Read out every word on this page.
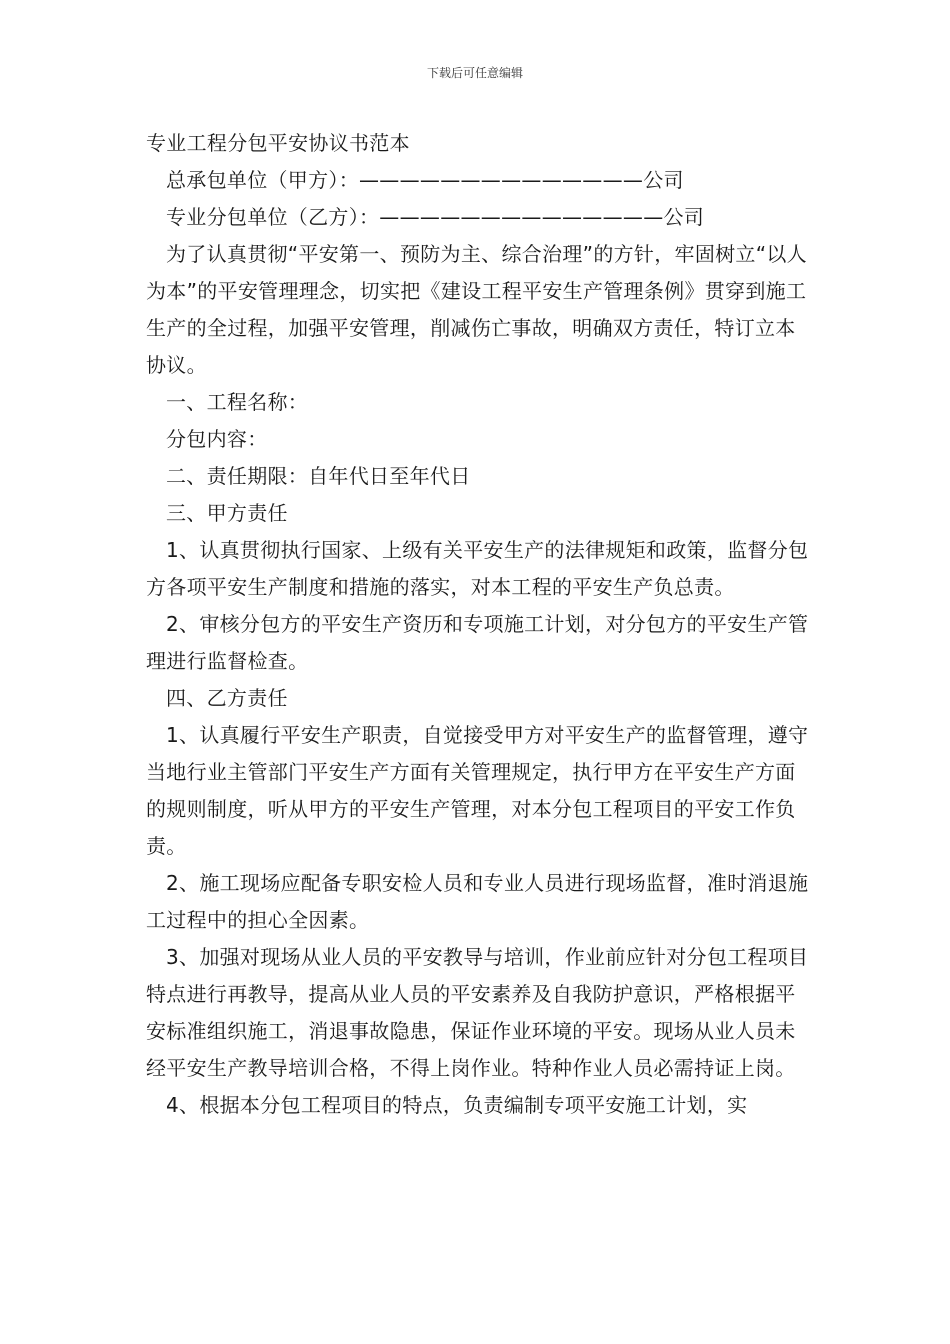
下载后可任意编辑

专业工程分包平安协议书范本

总承包单位（甲方）：——————————————公司

专业分包单位（乙方）：——————————————公司

为了认真贯彻“平安第一、预防为主、综合治理”的方针，牢固树立“以人为本”的平安管理理念，切实把《建设工程平安生产管理条例》贯穿到施工生产的全过程，加强平安管理，削减伤亡事故，明确双方责任，特订立本协议。

一、工程名称：

分包内容：

二、责任期限：自年代日至年代日

三、甲方责任

1、认真贯彻执行国家、上级有关平安生产的法律规矩和政策，监督分包方各项平安生产制度和措施的落实，对本工程的平安生产负总责。

2、审核分包方的平安生产资历和专项施工计划，对分包方的平安生产管理进行监督检查。

四、乙方责任

1、认真履行平安生产职责，自觉接受甲方对平安生产的监督管理，遵守当地行业主管部门平安生产方面有关管理规定，执行甲方在平安生产方面的规则制度，听从甲方的平安生产管理，对本分包工程项目的平安工作负责。

2、施工现场应配备专职安检人员和专业人员进行现场监督，准时消退施工过程中的担心全因素。

3、加强对现场从业人员的平安教导与培训，作业前应针对分包工程项目特点进行再教导，提高从业人员的平安素养及自我防护意识，严格根据平安标准组织施工，消退事故隐患，保证作业环境的平安。现场从业人员未经平安生产教导培训合格，不得上岗作业。特种作业人员必需持证上岗。

4、根据本分包工程项目的特点，负责编制专项平安施工计划，实
